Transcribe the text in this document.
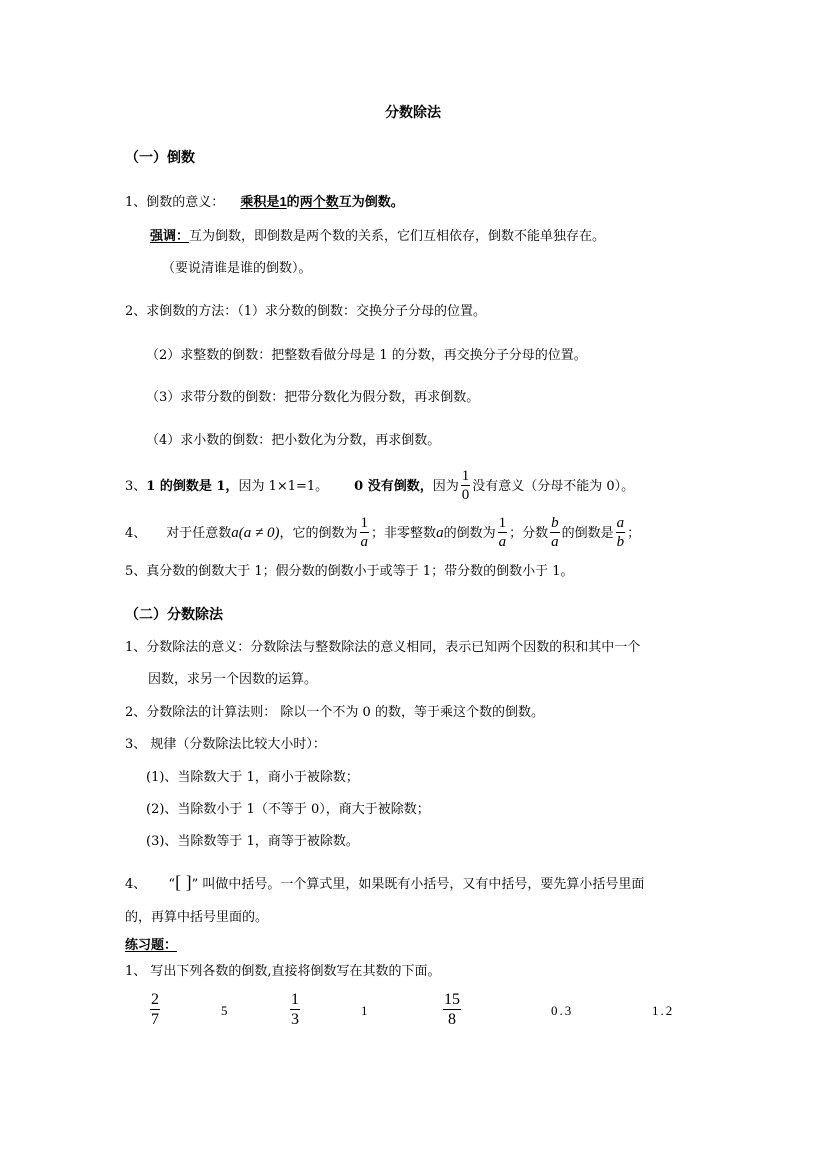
分数除法
（一）倒数
1、倒数的意义： 乘积是1的两个数互为倒数。
强调：互为倒数，即倒数是两个数的关系，它们互相依存，倒数不能单独存在。
（要说清谁是谁的倒数）。
2、求倒数的方法：（1）求分数的倒数：交换分子分母的位置。
（2）求整数的倒数：把整数看做分母是 1 的分数，再交换分子分母的位置。
（3）求带分数的倒数：把带分数化为假分数，再求倒数。
（4）求小数的倒数：把小数化为分数，再求倒数。
3、 1 的倒数是 1， 因为 1×1=1。 0 没有倒数， 因为 $\frac{1}{0}$ 没有意义（分母不能为 0）。
4、 对于任意数 a(a ≠ 0) ，它的倒数为 $\frac{1}{a}$ ；非零整数 a 的倒数为 $\frac{1}{a}$ ；分数 $\frac{b}{a}$ 的倒数是 $\frac{a}{b}$ ；
5、真分数的倒数大于 1；假分数的倒数小于或等于 1；带分数的倒数小于 1。
（二）分数除法
1、分数除法的意义：分数除法与整数除法的意义相同，表示已知两个因数的积和其中一个
因数，求另一个因数的运算。
2、分数除法的计算法则： 除以一个不为 0 的数，等于乘这个数的倒数。
3、 规律（分数除法比较大小时）：
(1)、当除数大于 1，商小于被除数；
(2)、当除数小于 1（不等于 0），商大于被除数；
(3)、当除数等于 1，商等于被除数。
4、 “[ ]” 叫做中括号。一个算式里，如果既有小括号，又有中括号，要先算小括号里面
的，再算中括号里面的。
练习题：
1、 写出下列各数的倒数,直接将倒数写在其数的下面。
$\frac{2}{7}$	5	$\frac{1}{3}$	1	$\frac{15}{8}$	0.3	1.2
